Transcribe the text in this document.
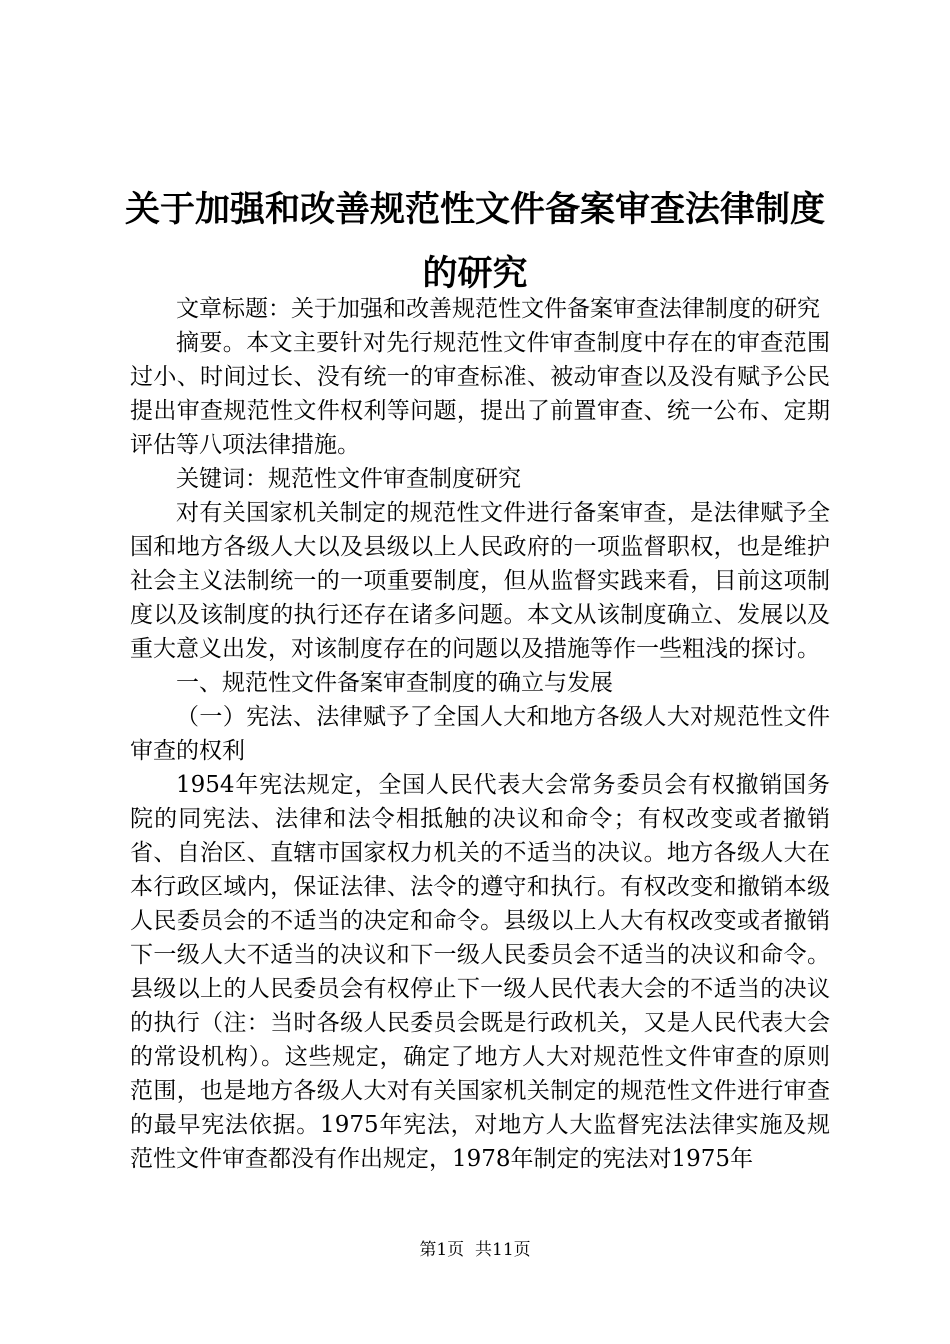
关于加强和改善规范性文件备案审查法律制度
的研究

文章标题：关于加强和改善规范性文件备案审查法律制度的研究

摘要。本文主要针对先行规范性文件审查制度中存在的审查范围过小、时间过长、没有统一的审查标准、被动审查以及没有赋予公民提出审查规范性文件权利等问题，提出了前置审查、统一公布、定期评估等八项法律措施。

关键词：规范性文件审查制度研究

对有关国家机关制定的规范性文件进行备案审查，是法律赋予全国和地方各级人大以及县级以上人民政府的一项监督职权，也是维护社会主义法制统一的一项重要制度，但从监督实践来看，目前这项制度以及该制度的执行还存在诸多问题。本文从该制度确立、发展以及重大意义出发，对该制度存在的问题以及措施等作一些粗浅的探讨。

一、规范性文件备案审查制度的确立与发展

（一）宪法、法律赋予了全国人大和地方各级人大对规范性文件审查的权利

1954年宪法规定，全国人民代表大会常务委员会有权撤销国务院的同宪法、法律和法令相抵触的决议和命令；有权改变或者撤销省、自治区、直辖市国家权力机关的不适当的决议。地方各级人大在本行政区域内，保证法律、法令的遵守和执行。有权改变和撤销本级人民委员会的不适当的决定和命令。县级以上人大有权改变或者撤销下一级人大不适当的决议和下一级人民委员会不适当的决议和命令。县级以上的人民委员会有权停止下一级人民代表大会的不适当的决议的执行（注：当时各级人民委员会既是行政机关，又是人民代表大会的常设机构）。这些规定，确定了地方人大对规范性文件审查的原则范围，也是地方各级人大对有关国家机关制定的规范性文件进行审查的最早宪法依据。1975年宪法，对地方人大监督宪法法律实施及规范性文件审查都没有作出规定，1978年制定的宪法对1975年

第1页 共11页
